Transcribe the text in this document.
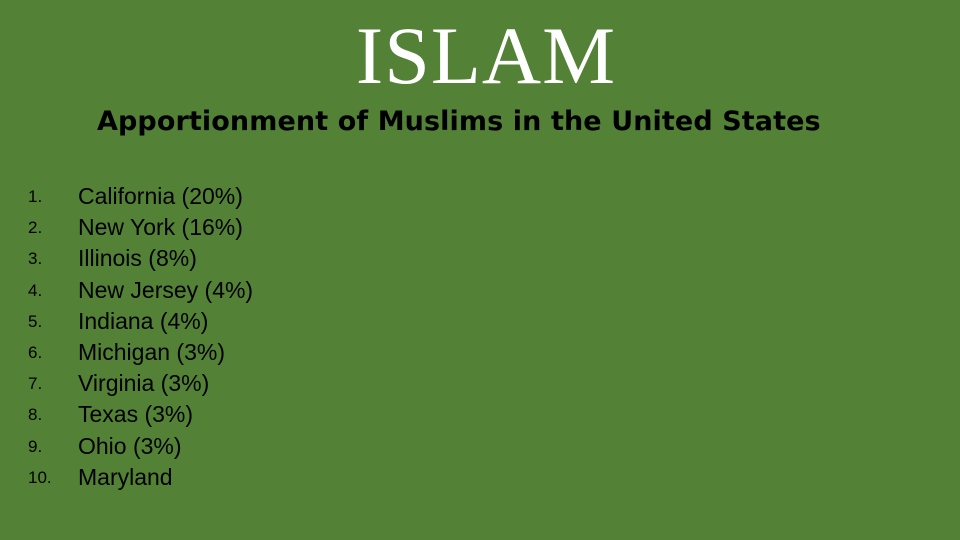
ISLAM
Apportionment of Muslims in the United States
1. California (20%)
2. New York (16%)
3. Illinois (8%)
4. New Jersey (4%)
5. Indiana (4%)
6. Michigan (3%)
7. Virginia (3%)
8. Texas (3%)
9. Ohio (3%)
10. Maryland
